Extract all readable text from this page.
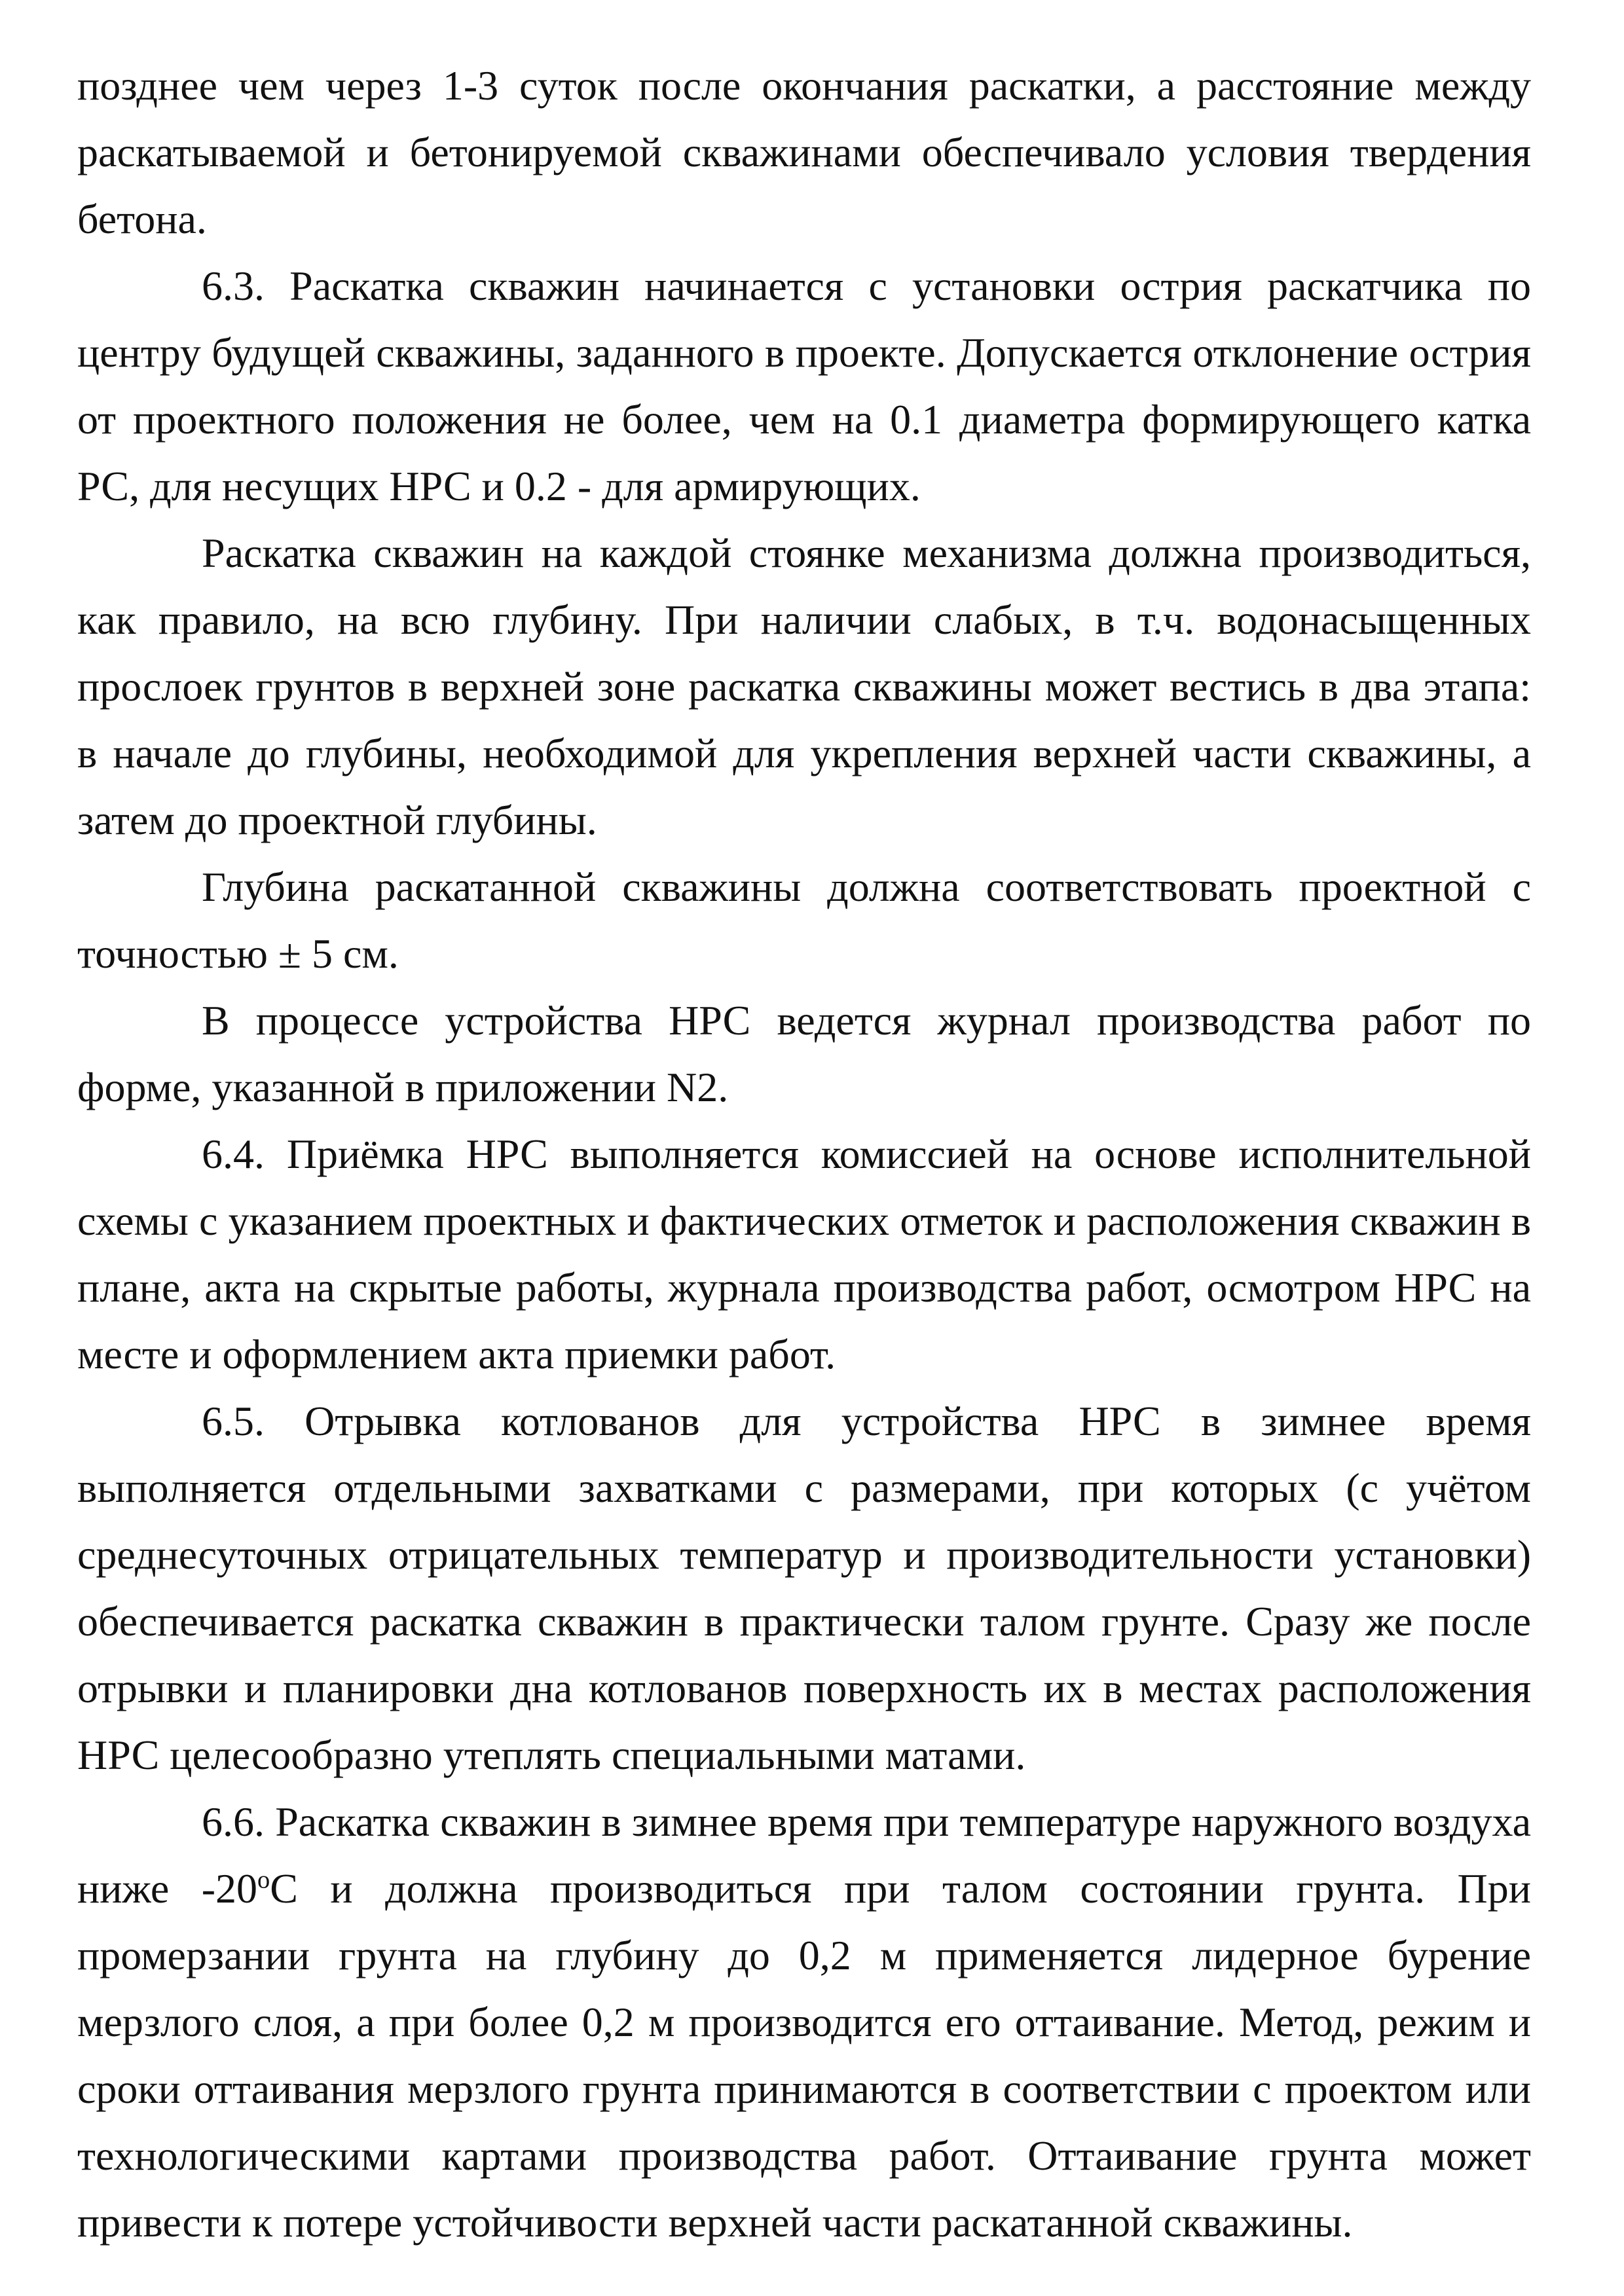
позднее чем через 1-3 суток после окончания раскатки, а расстояние между раскатываемой и бетонируемой скважинами обеспечивало условия твердения бетона.

6.3. Раскатка скважин начинается с установки острия раскатчика по центру будущей скважины, заданного в проекте. Допускается отклонение острия от проектного положения не более, чем на 0.1 диаметра формирующего катка РС, для несущих НРС и 0.2 - для армирующих.

Раскатка скважин на каждой стоянке механизма должна производиться, как правило, на всю глубину. При наличии слабых, в т.ч. водонасыщенных прослоек грунтов в верхней зоне раскатка скважины может вестись в два этапа: в начале до глубины, необходимой для укрепления верхней части скважины, а затем до проектной глубины.

Глубина раскатанной скважины должна соответствовать проектной с точностью ± 5 см.

В процессе устройства НРС ведется журнал производства работ по форме, указанной в приложении N2.

6.4. Приёмка НРС выполняется комиссией на основе исполнительной схемы с указанием проектных и фактических отметок и расположения скважин в плане, акта на скрытые работы, журнала производства работ, осмотром НРС на месте и оформлением акта приемки работ.

6.5. Отрывка котлованов для устройства НРС в зимнее время выполняется отдельными захватками с размерами, при которых (с учётом среднесуточных отрицательных температур и производительности установки) обеспечивается раскатка скважин в практически талом грунте. Сразу же после отрывки и планировки дна котлованов поверхность их в местах расположения НРС целесообразно утеплять специальными матами.

6.6. Раскатка скважин в зимнее время при температуре наружного воздуха ниже $-20^оС$ и должна производиться при талом состоянии грунта. При промерзании грунта на глубину до 0,2 м применяется лидерное бурение мерзлого слоя, а при более 0,2 м производится его оттаивание. Метод, режим и сроки оттаивания мерзлого грунта принимаются в соответствии с проектом или технологическими картами производства работ. Оттаивание грунта может привести к потере устойчивости верхней части раскатанной скважины.
